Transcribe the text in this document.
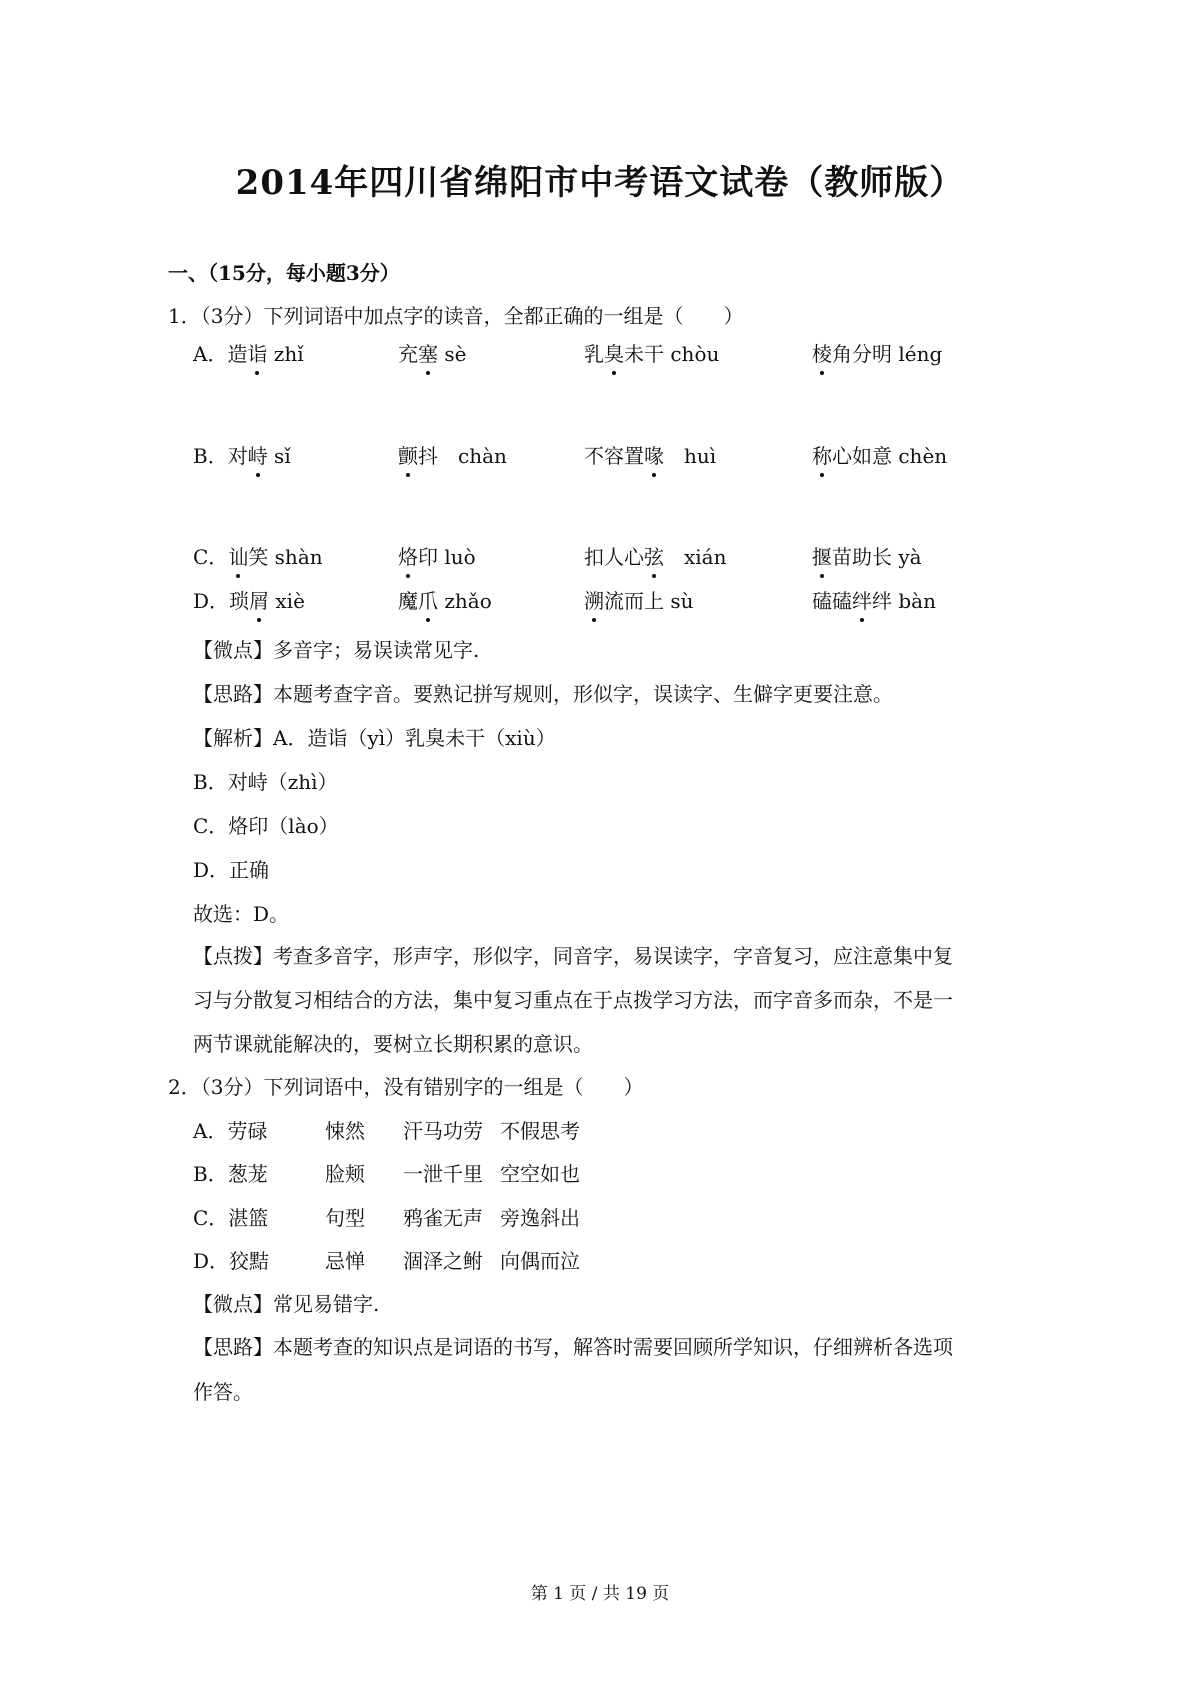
2014年四川省绵阳市中考语文试卷（教师版）
一、（15分，每小题3分）
1．（3分）下列词语中加点字的读音，全都正确的一组是（　　）
A．造诣 zhǐ	充塞 sè	乳臭未干 chòu	棱角分明 léng
B．对峙 sǐ	颤抖　chàn	不容置喙　huì	称心如意 chèn
C．讪笑 shàn	烙印 luò	扣人心弦　xián	揠苗助长 yà
D．琐屑 xiè	魔爪 zhǎo	溯流而上 sù	磕磕绊绊 bàn
【微点】多音字；易误读常见字.
【思路】本题考查字音。要熟记拼写规则，形似字，误读字、生僻字更要注意。
【解析】A．造诣（yì）乳臭未干（xiù）
B．对峙（zhì）
C．烙印（lào）
D．正确
故选：D。
【点拨】考查多音字，形声字，形似字，同音字，易误读字，字音复习，应注意集中复
习与分散复习相结合的方法，集中复习重点在于点拨学习方法，而字音多而杂，不是一
两节课就能解决的，要树立长期积累的意识。
2．（3分）下列词语中，没有错别字的一组是（　　）
A．劳碌	悚然 汗马功劳 不假思考
B．葱茏	脸颊 一泄千里 空空如也
C．湛篮	句型 鸦雀无声 旁逸斜出
D．狡黠	忌惮 涸泽之鲋 向偶而泣
【微点】常见易错字.
【思路】本题考查的知识点是词语的书写，解答时需要回顾所学知识，仔细辨析各选项
作答。
第 1 页 / 共 19 页
